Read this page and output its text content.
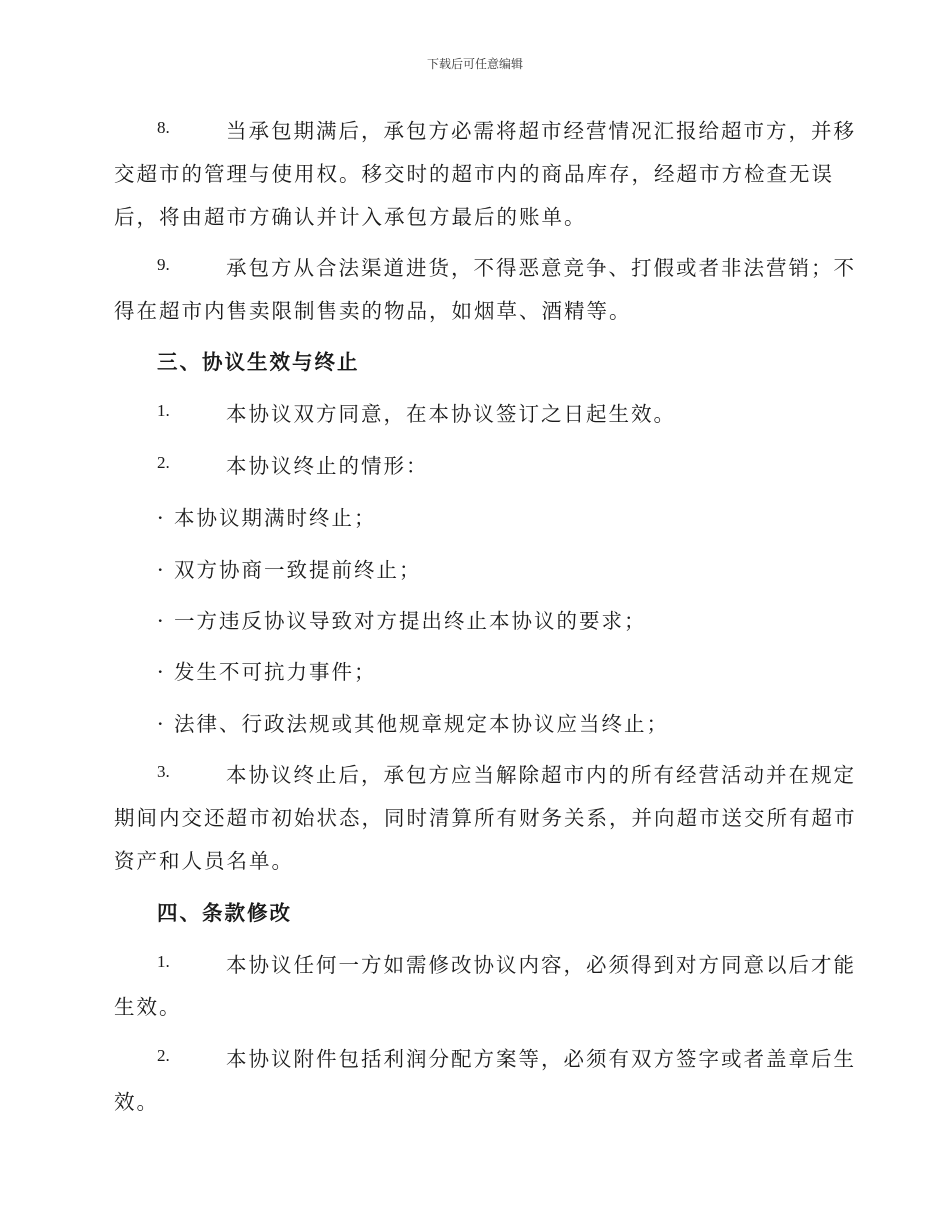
下载后可任意编辑
8.	当承包期满后，承包方必需将超市经营情况汇报给超市方，并移
交超市的管理与使用权。移交时的超市内的商品库存，经超市方检查无误
后，将由超市方确认并计入承包方最后的账单。
9.	承包方从合法渠道进货，不得恶意竞争、打假或者非法营销；不
得在超市内售卖限制售卖的物品，如烟草、酒精等。
三、协议生效与终止
1.	本协议双方同意，在本协议签订之日起生效。
2.	本协议终止的情形：
· 本协议期满时终止；
· 双方协商一致提前终止；
· 一方违反协议导致对方提出终止本协议的要求；
· 发生不可抗力事件；
· 法律、行政法规或其他规章规定本协议应当终止；
3.	本协议终止后，承包方应当解除超市内的所有经营活动并在规定
期间内交还超市初始状态，同时清算所有财务关系，并向超市送交所有超市
资产和人员名单。
四、条款修改
1.	本协议任何一方如需修改协议内容，必须得到对方同意以后才能
生效。
2.	本协议附件包括利润分配方案等，必须有双方签字或者盖章后生
效。
